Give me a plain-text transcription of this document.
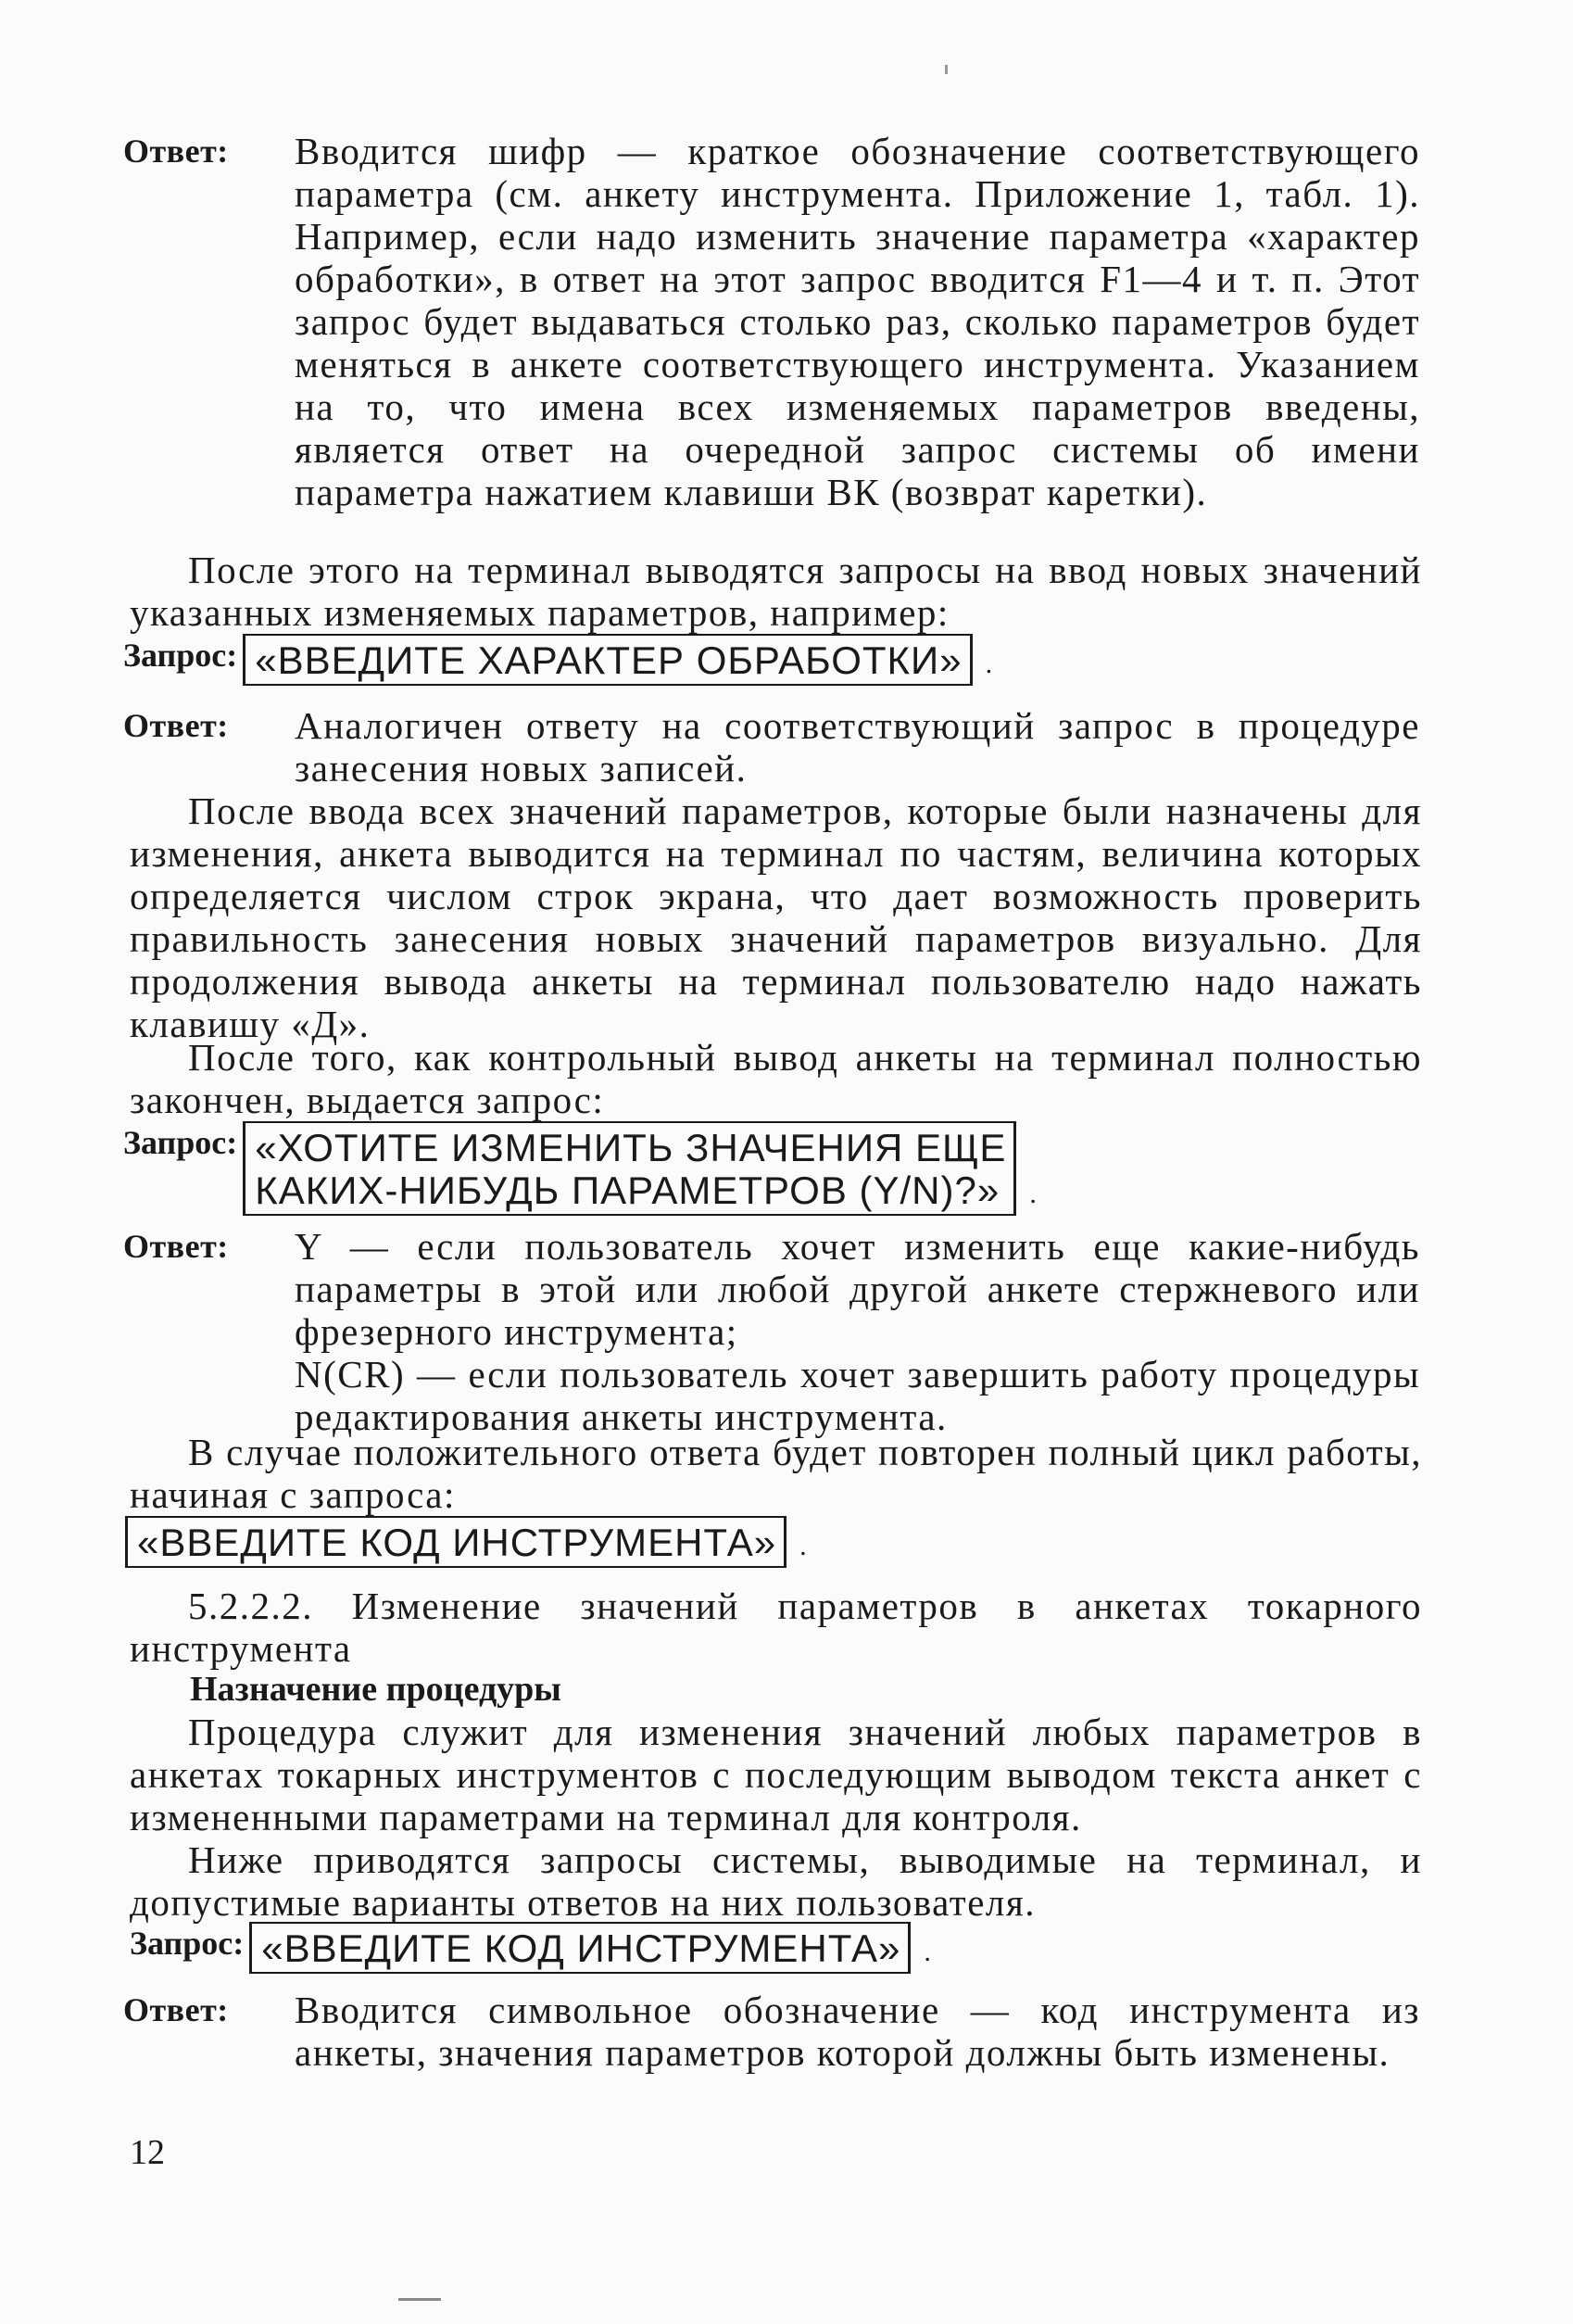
Ответ:	Вводится шифр — краткое обозначение соответствующего параметра (см. анкету инструмента. Приложение 1, табл. 1). Например, если надо изменить значение параметра «характер обработки», в ответ на этот запрос вводится F1—4 и т. п. Этот запрос будет выдаваться столько раз, сколько параметров будет меняться в анкете соответствующего инструмента. Указанием на то, что имена всех изменяемых параметров введены, является ответ на очередной запрос системы об имени параметра нажатием клавиши ВК (возврат каретки).
После этого на терминал выводятся запросы на ввод новых значений указанных изменяемых параметров, например:
Запрос: «ВВЕДИТЕ ХАРАКТЕР ОБРАБОТКИ» .
Ответ:	Аналогичен ответу на соответствующий запрос в процедуре занесения новых записей.
После ввода всех значений параметров, которые были назначены для изменения, анкета выводится на терминал по частям, величина которых определяется числом строк экрана, что дает возможность проверить правильность занесения новых значений параметров визуально. Для продолжения вывода анкеты на терминал пользователю надо нажать клавишу «Д».
После того, как контрольный вывод анкеты на терминал полностью закончен, выдается запрос:
Запрос: «ХОТИТЕ ИЗМЕНИТЬ ЗНАЧЕНИЯ ЕЩЕ
КАКИХ-НИБУДЬ ПАРАМЕТРОВ (Y/N)?» .
Ответ:	Y — если пользователь хочет изменить еще какие-нибудь параметры в этой или любой другой анкете стержневого или фрезерного инструмента;
N(CR) — если пользователь хочет завершить работу процедуры редактирования анкеты инструмента.
В случае положительного ответа будет повторен полный цикл работы, начиная с запроса:
«ВВЕДИТЕ КОД ИНСТРУМЕНТА» .
5.2.2.2. Изменение значений параметров в анкетах токарного инструмента
Назначение процедуры
Процедура служит для изменения значений любых параметров в анкетах токарных инструментов с последующим выводом текста анкет с измененными параметрами на терминал для контроля.
Ниже приводятся запросы системы, выводимые на терминал, и допустимые варианты ответов на них пользователя.
Запрос: «ВВЕДИТЕ КОД ИНСТРУМЕНТА» .
Ответ:	Вводится символьное обозначение — код инструмента из анкеты, значения параметров которой должны быть изменены.
12
